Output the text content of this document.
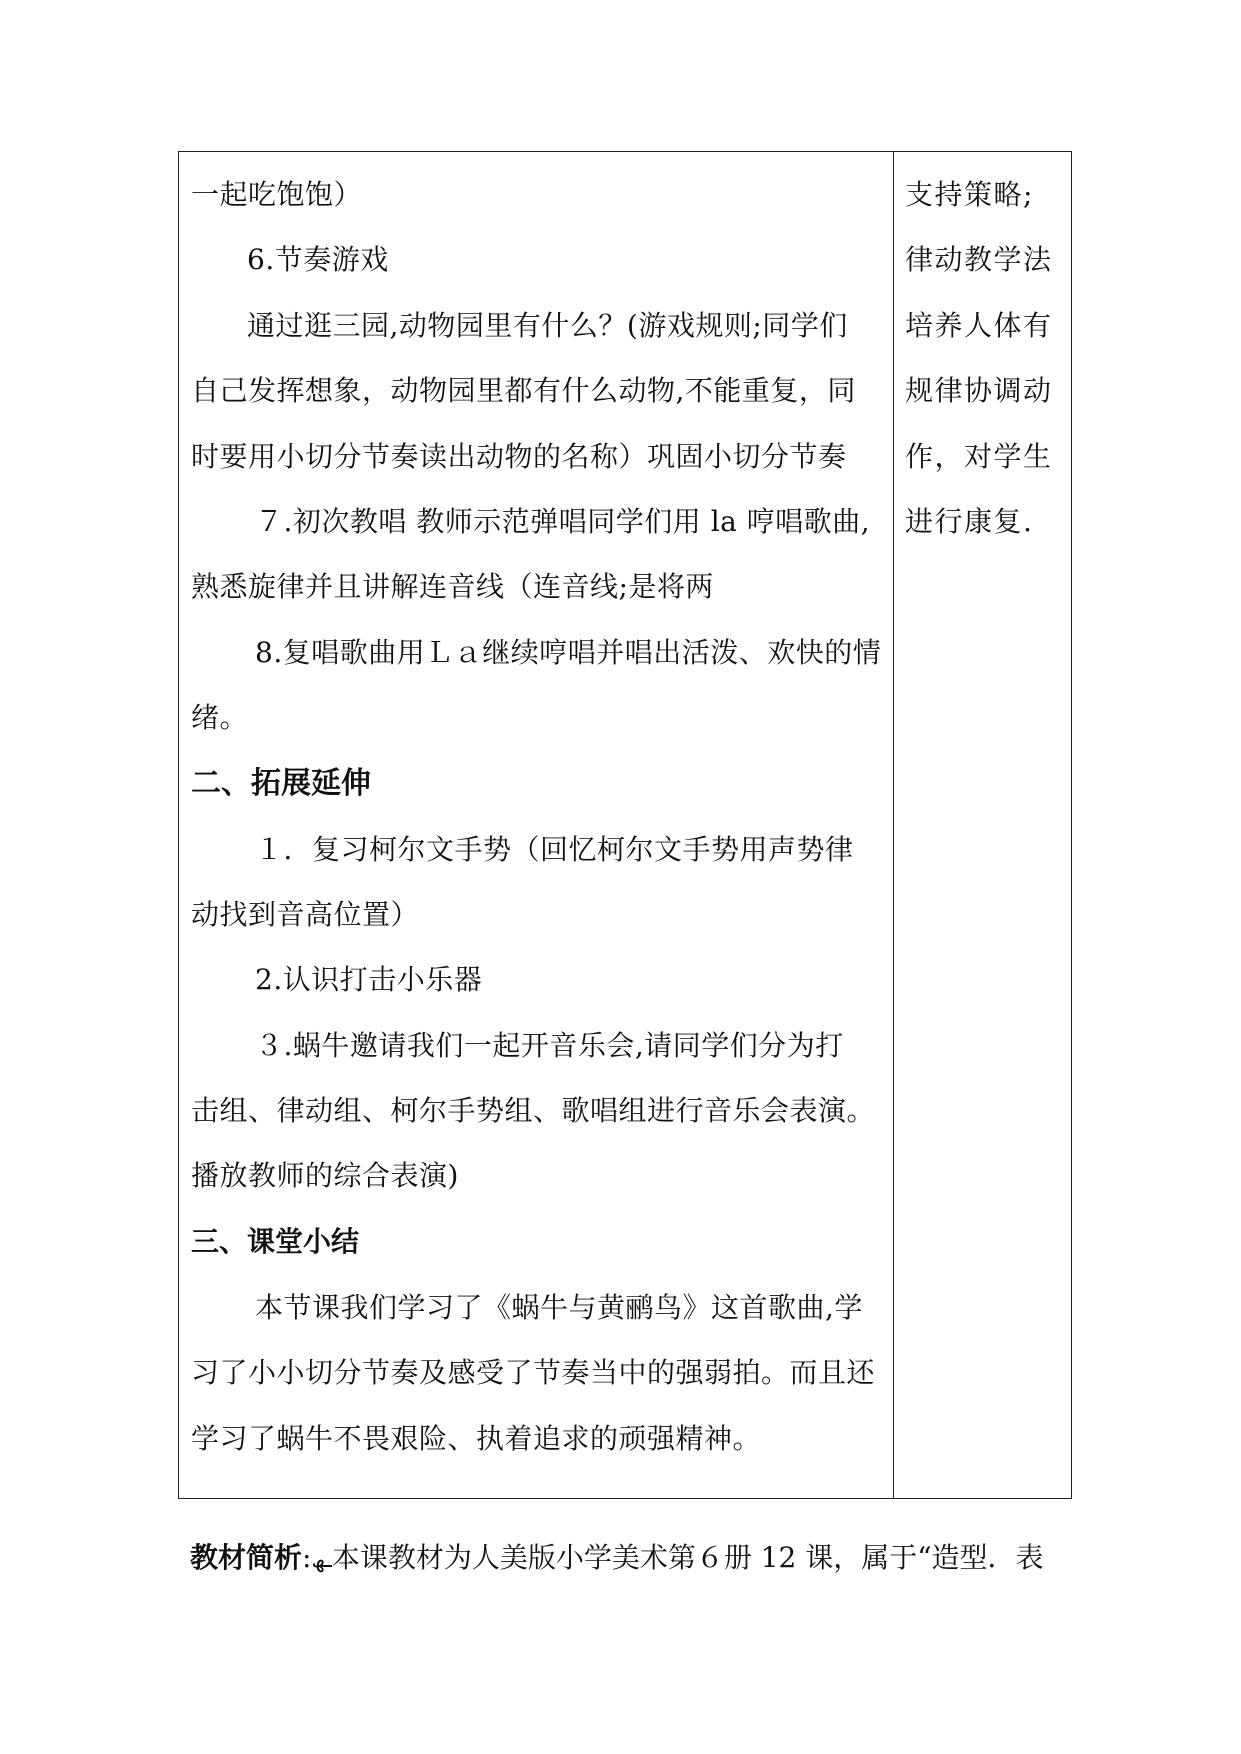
一起吃饱饱）
6.节奏游戏
通过逛三园,动物园里有什么？(游戏规则;同学们
自己发挥想象，动物园里都有什么动物,不能重复，同
时要用小切分节奏读出动物的名称）巩固小切分节奏
７.初次教唱 教师示范弹唱同学们用 la 哼唱歌曲,
熟悉旋律并且讲解连音线（连音线;是将两
8.复唱歌曲用Ｌａ继续哼唱并唱出活泼、欢快的情
绪。
二、拓展延伸
１．复习柯尔文手势（回忆柯尔文手势用声势律
动找到音高位置）
2.认识打击小乐器
３.蜗牛邀请我们一起开音乐会,请同学们分为打
击组、律动组、柯尔手势组、歌唱组进行音乐会表演。
播放教师的综合表演)
三、课堂小结
本节课我们学习了《蜗牛与黄鹂鸟》这首歌曲,学
习了小小切分节奏及感受了节奏当中的强弱拍。而且还
学习了蜗牛不畏艰险、执着追求的顽强精神。
支持策略;
律动教学法
培养人体有
规律协调动
作，对学生
进行康复.
教材简析:ـﮫ本课教材为人美版小学美术第６册 12 课，属于“造型．表
